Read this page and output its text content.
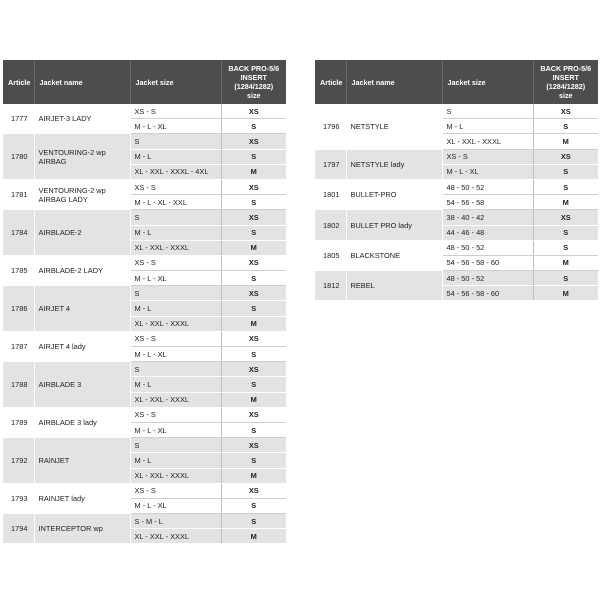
Article	Jacket name	Jacket size	BACK PRO-5/6
INSERT
(1284/1282)
size
1777	AIRJET-3 LADY	XS - S	XS
		M - L - XL	S
1780	VENTOURING-2 wp AIRBAG	S	XS
		M - L	S
		XL - XXL - XXXL - 4XL	M
1781	VENTOURING-2 wp AIRBAG LADY	XS - S	XS
		M - L - XL - XXL	S
1784	AIRBLADE-2	S	XS
		M - L	S
		XL - XXL - XXXL	M
1785	AIRBLADE-2 LADY	XS - S	XS
		M - L - XL	S
1786	AIRJET 4	S	XS
		M - L	S
		XL - XXL - XXXL	M
1787	AIRJET 4 lady	XS - S	XS
		M - L - XL	S
1788	AIRBLADE 3	S	XS
		M - L	S
		XL - XXL - XXXL	M
1789	AIRBLADE 3 lady	XS - S	XS
		M - L - XL	S
1792	RAINJET	S	XS
		M - L	S
		XL - XXL - XXXL	M
1793	RAINJET lady	XS - S	XS
		M - L - XL	S
1794	INTERCEPTOR wp	S - M - L	S
		XL - XXL - XXXL	M
Article	Jacket name	Jacket size	BACK PRO-5/6
INSERT
(1284/1282)
size
1796	NETSTYLE	S	XS
		M - L	S
		XL - XXL - XXXL	M
1797	NETSTYLE lady	XS - S	XS
		M - L - XL	S
1801	BULLET-PRO	48 - 50 - 52	S
		54 - 56 - 58	M
1802	BULLET PRO lady	38 - 40 - 42	XS
		44 - 46 - 48	S
1805	BLACKSTONE	48 - 50 - 52	S
		54 - 56 - 58 - 60	M
1812	REBEL	48 - 50 - 52	S
		54 - 56 - 58 - 60	M
